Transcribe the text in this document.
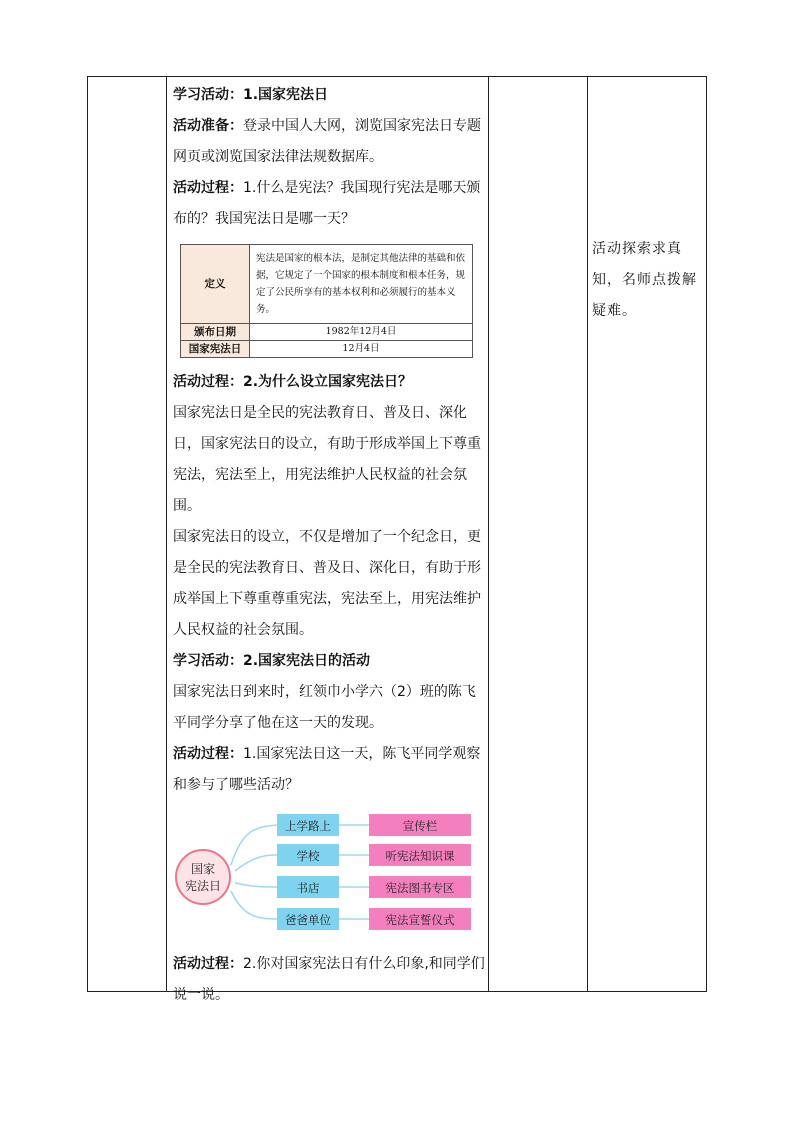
学习活动：1.国家宪法日

活动准备：登录中国人大网，浏览国家宪法日专题网页或浏览国家法律法规数据库。

活动过程：1.什么是宪法？我国现行宪法是哪天颁布的？我国宪法日是哪一天？

定义	宪法是国家的根本法，是制定其他法律的基础和依据，它规定了一个国家的根本制度和根本任务，规定了公民所享有的基本权利和必须履行的基本义务。
颁布日期	1982年12月4日
国家宪法日	12月4日

活动过程：2.为什么设立国家宪法日？

国家宪法日是全民的宪法教育日、普及日、深化日，国家宪法日的设立，有助于形成举国上下尊重宪法，宪法至上，用宪法维护人民权益的社会氛围。

国家宪法日的设立，不仅是增加了一个纪念日，更是全民的宪法教育日、普及日、深化日，有助于形成举国上下尊重尊重宪法，宪法至上，用宪法维护人民权益的社会氛围。

学习活动：2.国家宪法日的活动

国家宪法日到来时，红领巾小学六（2）班的陈飞平同学分享了他在这一天的发现。

活动过程：1.国家宪法日这一天，陈飞平同学观察和参与了哪些活动？

国家
宪法日
上学路上
学校
书店
爸爸单位
宣传栏
听宪法知识课
宪法图书专区
宪法宣誓仪式

活动过程：2.你对国家宪法日有什么印象,和同学们说一说。

活动探索求真知，名师点拨解疑难。
